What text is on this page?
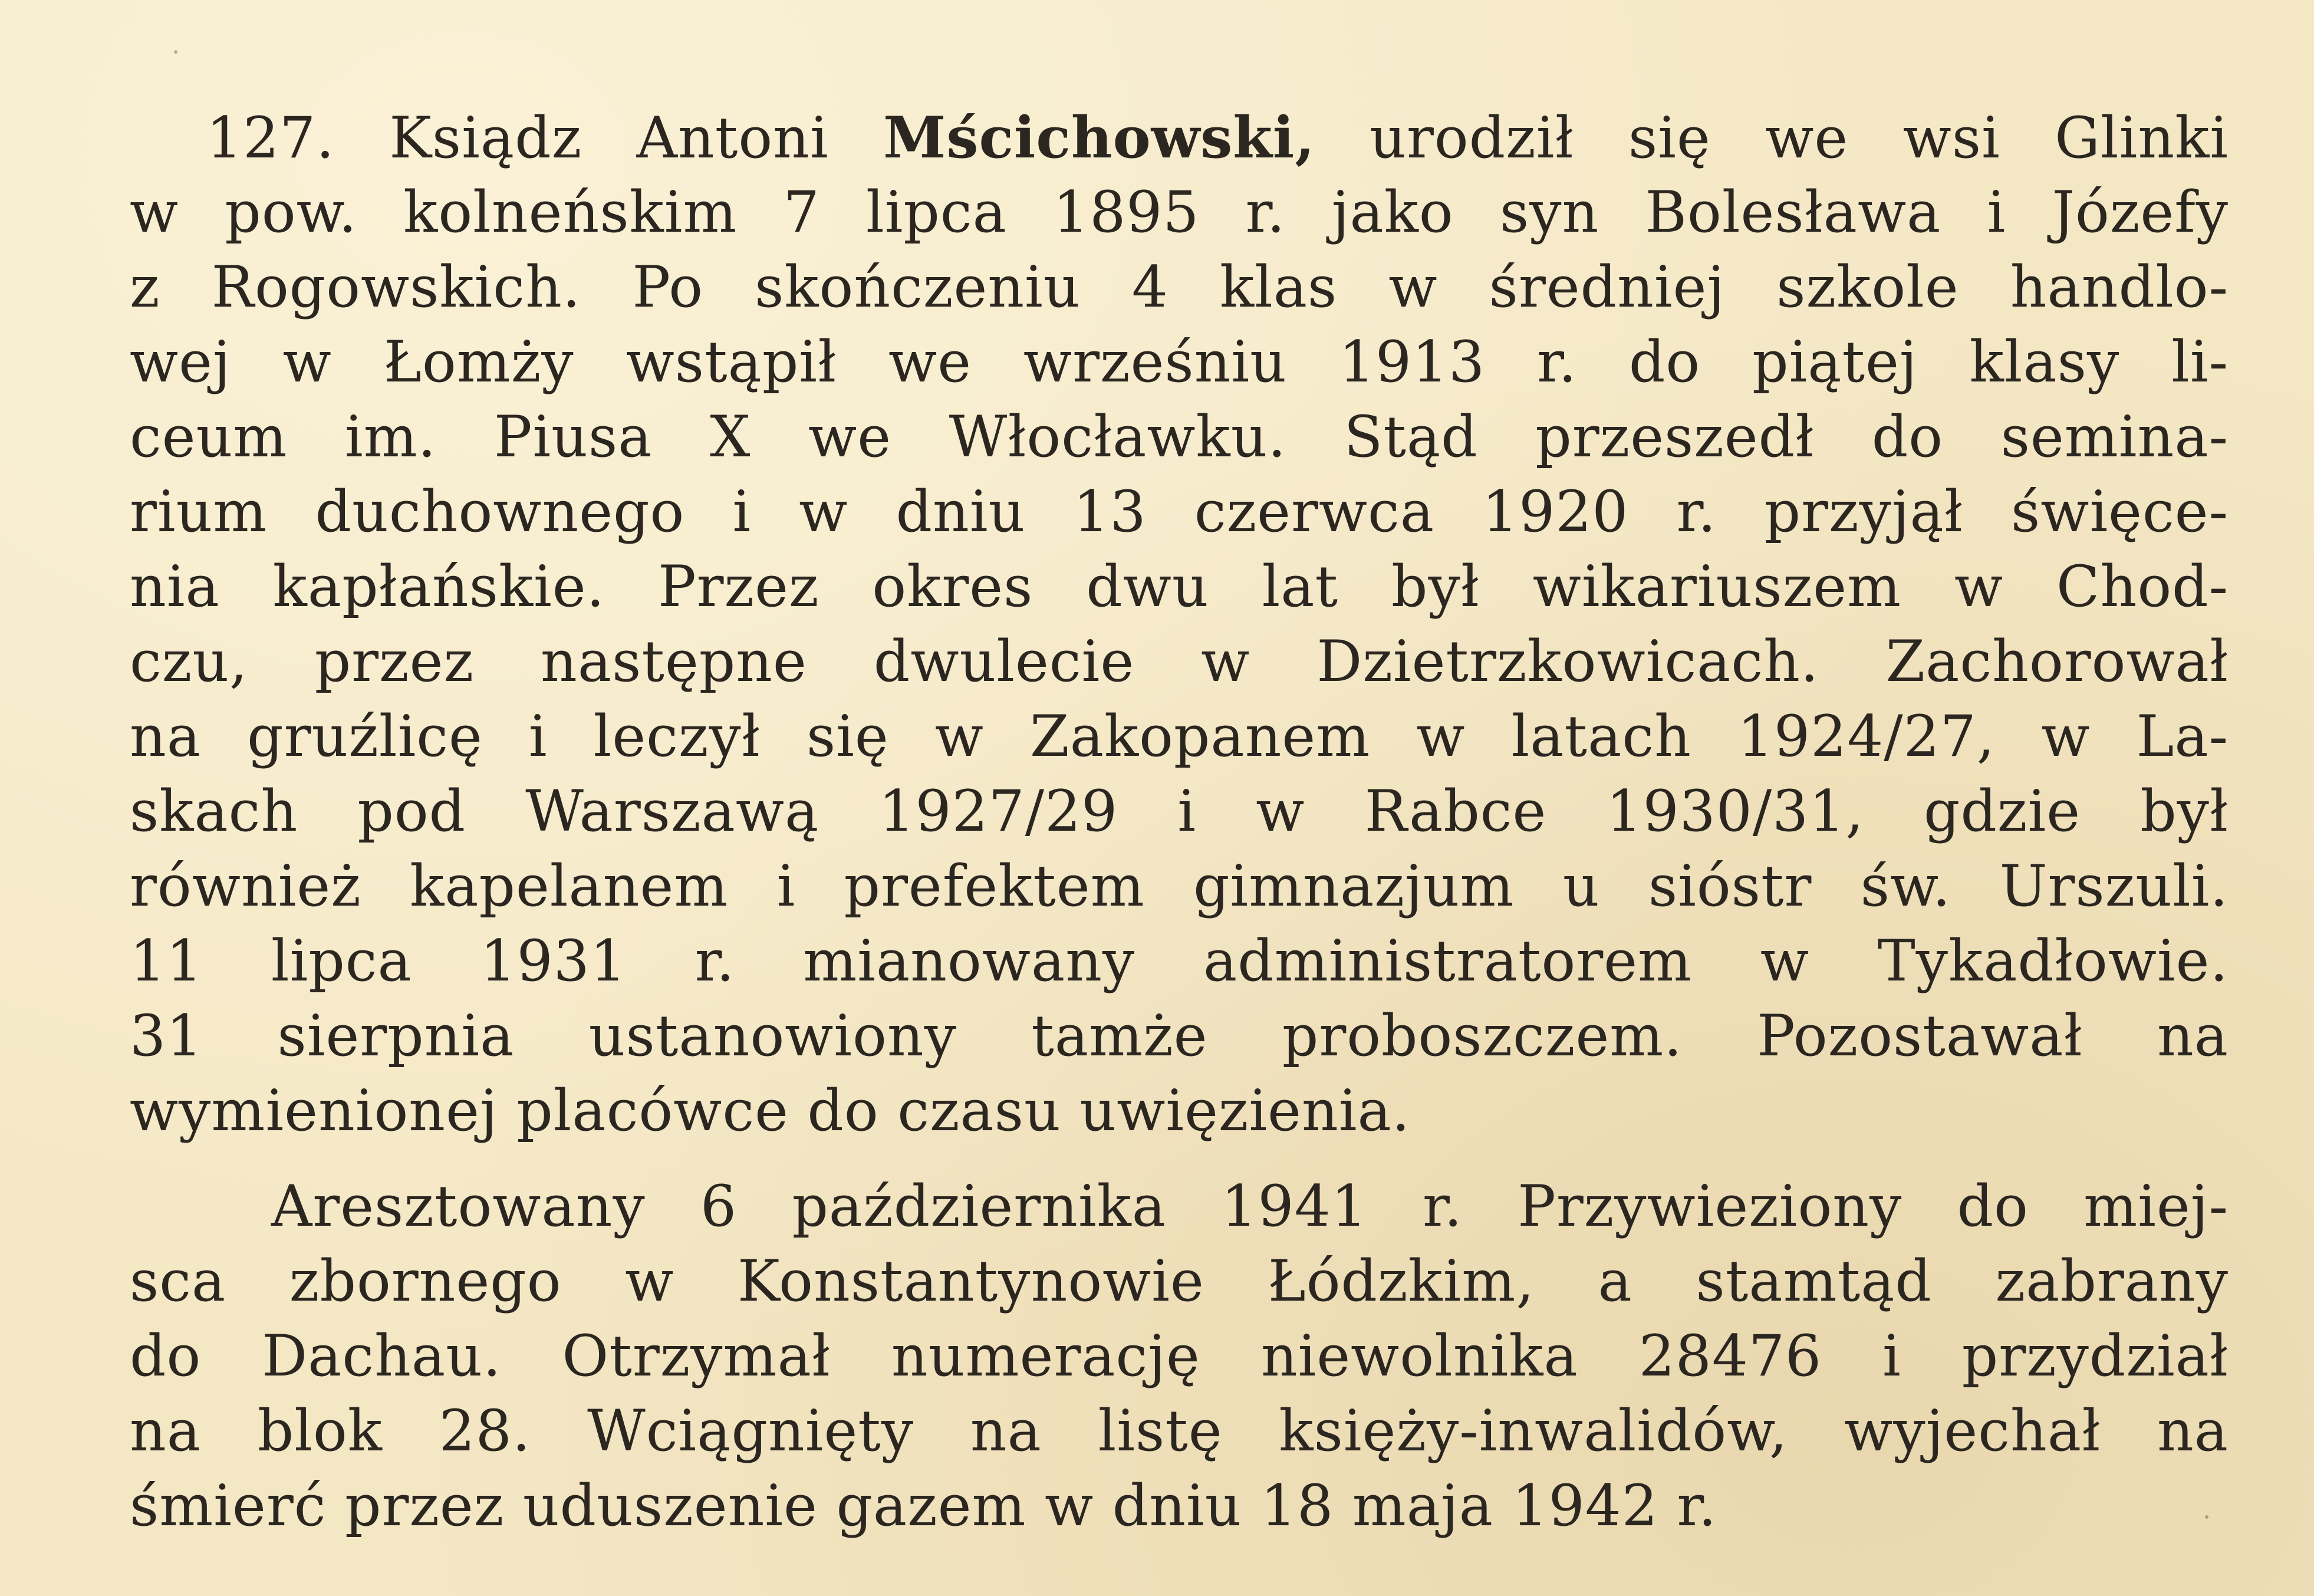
127. Ksiądz Antoni Mścichowski, urodził się we wsi Glinki
w pow. kolneńskim 7 lipca 1895 r. jako syn Bolesława i Józefy
z Rogowskich. Po skończeniu 4 klas w średniej szkole handlo-
wej w Łomży wstąpił we wrześniu 1913 r. do piątej klasy li-
ceum im. Piusa X we Włocławku. Stąd przeszedł do semina-
rium duchownego i w dniu 13 czerwca 1920 r. przyjął święce-
nia kapłańskie. Przez okres dwu lat był wikariuszem w Chod-
czu, przez następne dwulecie w Dzietrzkowicach. Zachorował
na gruźlicę i leczył się w Zakopanem w latach 1924/27, w La-
skach pod Warszawą 1927/29 i w Rabce 1930/31, gdzie był
również kapelanem i prefektem gimnazjum u sióstr św. Urszuli.
11 lipca 1931 r. mianowany administratorem w Tykadłowie.
31 sierpnia ustanowiony tamże proboszczem. Pozostawał na
wymienionej placówce do czasu uwięzienia.
Aresztowany 6 października 1941 r. Przywieziony do miej-
sca zbornego w Konstantynowie Łódzkim, a stamtąd zabrany
do Dachau. Otrzymał numerację niewolnika 28476 i przydział
na blok 28. Wciągnięty na listę księży-inwalidów, wyjechał na
śmierć przez uduszenie gazem w dniu 18 maja 1942 r.
